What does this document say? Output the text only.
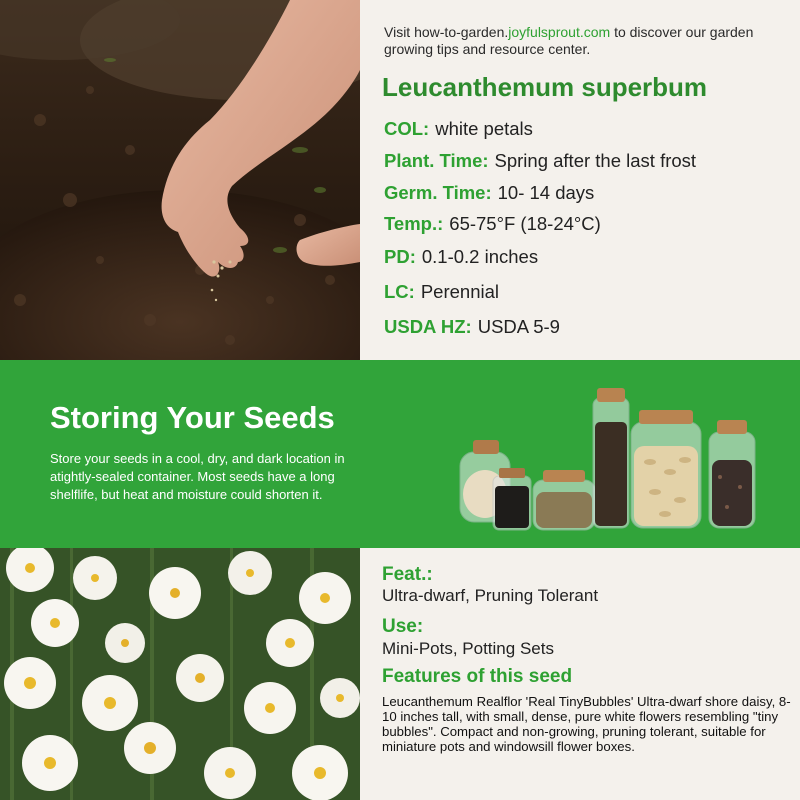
Visit how-to-garden.joyfulsprout.com to discover our garden growing tips and resource center.
Leucanthemum superbum
COL: white petals
Plant. Time: Spring after the last frost
Germ. Time: 10- 14 days
Temp.: 65-75°F (18-24°C)
PD: 0.1-0.2 inches
LC: Perennial
USDA HZ: USDA 5-9
Storing Your Seeds
Store your seeds in a cool, dry, and dark location in atightly-sealed container. Most seeds have a long shelflife, but heat and moisture could shorten it.
Feat.:
Ultra-dwarf, Pruning Tolerant
Use:
Mini-Pots, Potting Sets
Features of this seed
Leucanthemum Realflor 'Real TinyBubbles' Ultra-dwarf shore daisy, 8-10 inches tall, with small, dense, pure white flowers resembling "tiny bubbles". Compact and non-growing, pruning tolerant, suitable for miniature pots and windowsill flower boxes.
